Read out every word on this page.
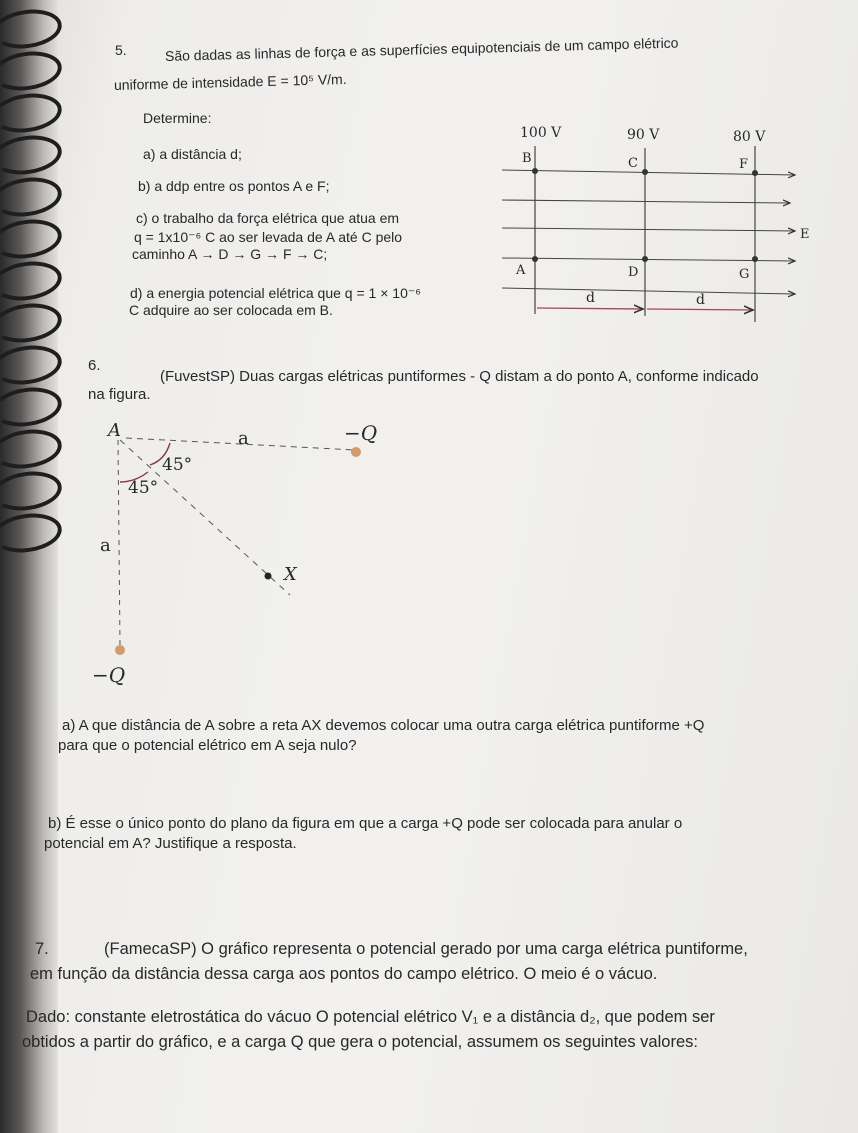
5.	São dadas as linhas de força e as superfícies equipotenciais de um campo elétrico
uniforme de intensidade E = 10⁵ V/m.
Determine:
a) a distância d;
b) a ddp entre os pontos A e F;
c) o trabalho da força elétrica que atua em
q = 1x10⁻⁶ C ao ser levada de A até C pelo
caminho A → D → G → F → C;
d) a energia potencial elétrica que q = 1 × 10⁻⁶
C adquire ao ser colocada em B.
100 V	90 V	80 V
B	C	F
A	D	G
E
d	d
6.
(FuvestSP) Duas cargas elétricas puntiformes - Q distam a do ponto A, conforme indicado
na figura.
A	a	−Q
45°
45°
a
X
−Q
a) A que distância de A sobre a reta AX devemos colocar uma outra carga elétrica puntiforme +Q
para que o potencial elétrico em A seja nulo?
b) É esse o único ponto do plano da figura em que a carga +Q pode ser colocada para anular o
potencial em A? Justifique a resposta.
7.	(FamecaSP) O gráfico representa o potencial gerado por uma carga elétrica puntiforme,
em função da distância dessa carga aos pontos do campo elétrico. O meio é o vácuo.
Dado: constante eletrostática do vácuo O potencial elétrico V₁ e a distância d₂, que podem ser
obtidos a partir do gráfico, e a carga Q que gera o potencial, assumem os seguintes valores:
